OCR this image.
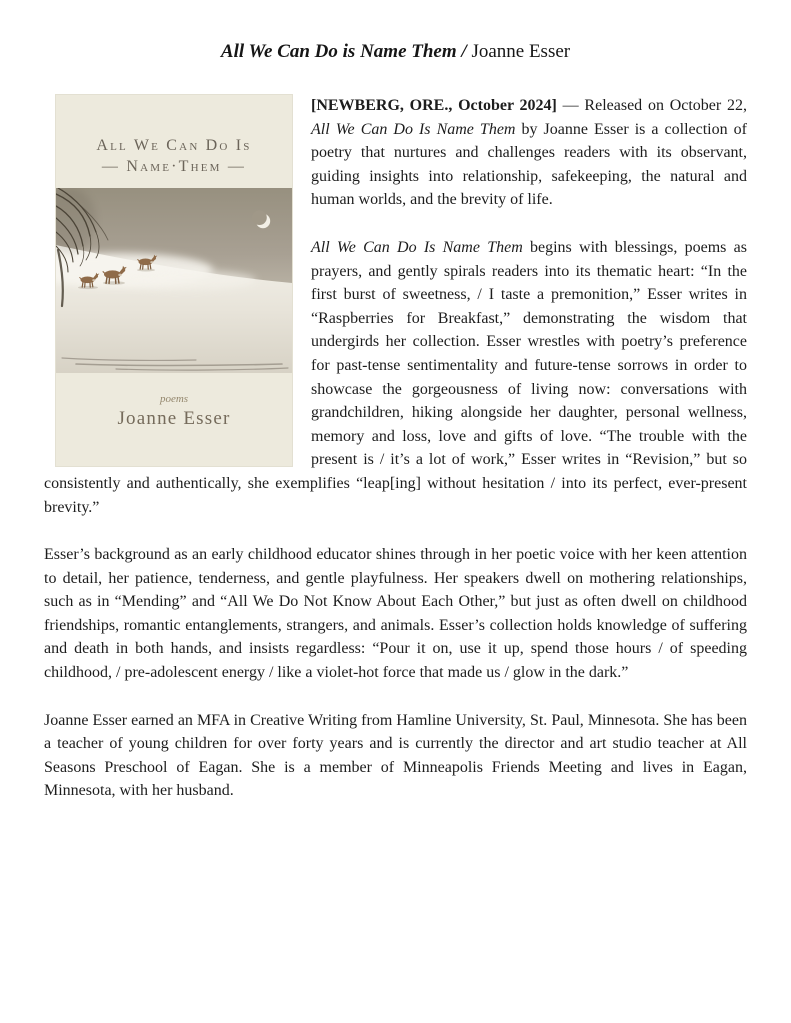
All We Can Do is Name Them / Joanne Esser
All We Can Do Is
— Name·Them —
poems
Joanne Esser

[NEWBERG, ORE., October 2024] — Released on October 22, All We Can Do Is Name Them by Joanne Esser is a collection of poetry that nurtures and challenges readers with its observant, guiding insights into relationship, safekeeping, the natural and human worlds, and the brevity of life.

All We Can Do Is Name Them begins with blessings, poems as prayers, and gently spirals readers into its thematic heart: “In the first burst of sweetness, / I taste a premonition,” Esser writes in “Raspberries for Breakfast,” demonstrating the wisdom that undergirds her collection. Esser wrestles with poetry’s preference for past-tense sentimentality and future-tense sorrows in order to showcase the gorgeousness of living now: conversations with grandchildren, hiking alongside her daughter, personal wellness, memory and loss, love and gifts of love. “The trouble with the present is / it’s a lot of work,” Esser writes in “Revision,” but so consistently and authentically, she exemplifies “leap[ing] without hesitation / into its perfect, ever-present brevity.”

Esser’s background as an early childhood educator shines through in her poetic voice with her keen attention to detail, her patience, tenderness, and gentle playfulness. Her speakers dwell on mothering relationships, such as in “Mending” and “All We Do Not Know About Each Other,” but just as often dwell on childhood friendships, romantic entanglements, strangers, and animals. Esser’s collection holds knowledge of suffering and death in both hands, and insists regardless: “Pour it on, use it up, spend those hours / of speeding childhood, / pre-adolescent energy / like a violet-hot force that made us / glow in the dark.”

Joanne Esser earned an MFA in Creative Writing from Hamline University, St. Paul, Minnesota. She has been a teacher of young children for over forty years and is currently the director and art studio teacher at All Seasons Preschool of Eagan. She is a member of Minneapolis Friends Meeting and lives in Eagan, Minnesota, with her husband.
